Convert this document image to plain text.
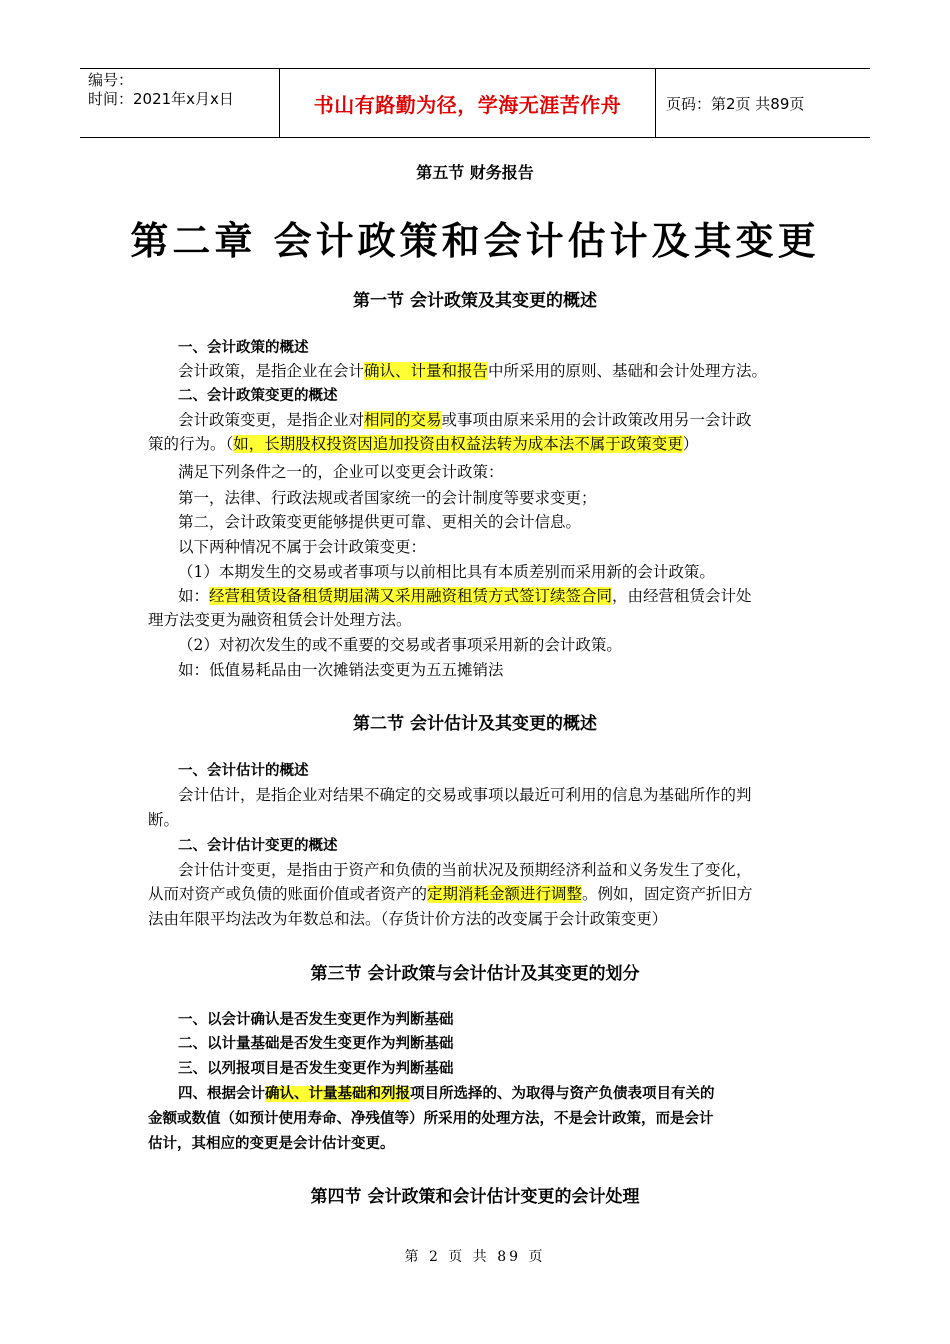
编号：
时间：2021年x月x日	书山有路勤为径，学海无涯苦作舟	页码：第2页 共89页
第五节 财务报告
第二章 会计政策和会计估计及其变更
第一节 会计政策及其变更的概述
一、会计政策的概述
会计政策，是指企业在会计确认、计量和报告中所采用的原则、基础和会计处理方法。
二、会计政策变更的概述
会计政策变更，是指企业对相同的交易或事项由原来采用的会计政策改用另一会计政
策的行为。（如，长期股权投资因追加投资由权益法转为成本法不属于政策变更）
满足下列条件之一的，企业可以变更会计政策：
第一，法律、行政法规或者国家统一的会计制度等要求变更；
第二，会计政策变更能够提供更可靠、更相关的会计信息。
以下两种情况不属于会计政策变更：
（1）本期发生的交易或者事项与以前相比具有本质差别而采用新的会计政策。
如：经营租赁设备租赁期届满又采用融资租赁方式签订续签合同，由经营租赁会计处
理方法变更为融资租赁会计处理方法。
（2）对初次发生的或不重要的交易或者事项采用新的会计政策。
如：低值易耗品由一次摊销法变更为五五摊销法
第二节 会计估计及其变更的概述
一、会计估计的概述
会计估计，是指企业对结果不确定的交易或事项以最近可利用的信息为基础所作的判
断。
二、会计估计变更的概述
会计估计变更，是指由于资产和负债的当前状况及预期经济利益和义务发生了变化，
从而对资产或负债的账面价值或者资产的定期消耗金额进行调整。例如，固定资产折旧方
法由年限平均法改为年数总和法。（存货计价方法的改变属于会计政策变更）
第三节 会计政策与会计估计及其变更的划分
一、以会计确认是否发生变更作为判断基础
二、以计量基础是否发生变更作为判断基础
三、以列报项目是否发生变更作为判断基础
四、根据会计确认、计量基础和列报项目所选择的、为取得与资产负债表项目有关的
金额或数值（如预计使用寿命、净残值等）所采用的处理方法，不是会计政策，而是会计
估计，其相应的变更是会计估计变更。
第四节 会计政策和会计估计变更的会计处理
第 2 页 共 89 页
